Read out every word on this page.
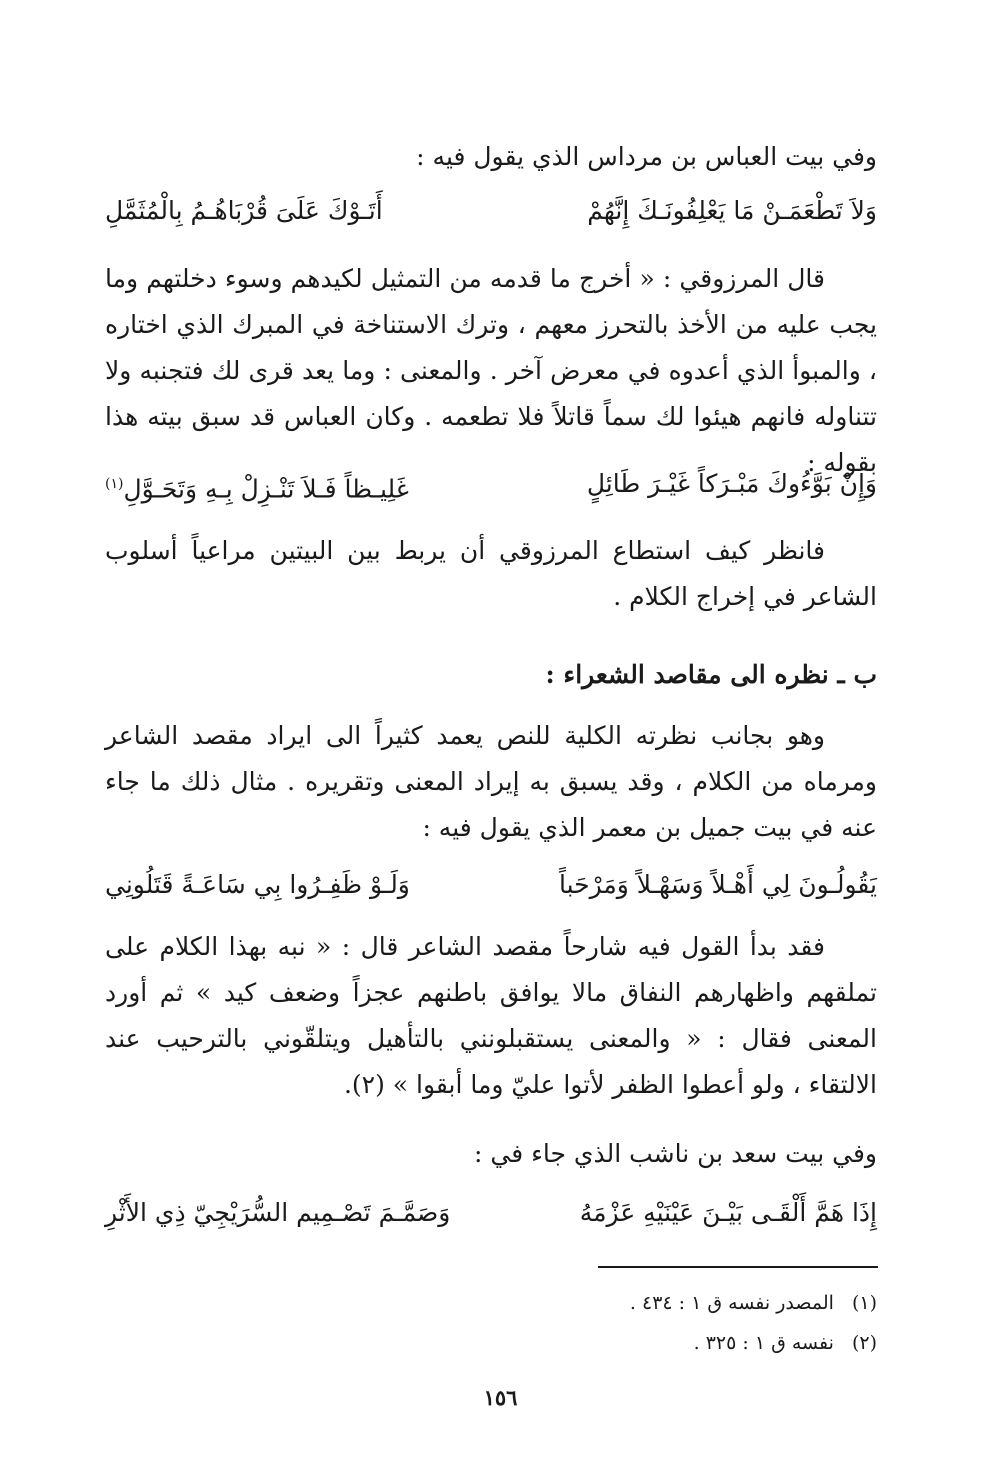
وفي بيت العباس بن مرداس الذي يقول فيه :
وَلاَ تَطْعَمَـنْ مَا يَعْلِفُونَـكَ إِنَّهُمْ
أَتَـوْكَ عَلَىَ قُرْبَاهُـمُ بِالْمُثَمَّلِ
قال المرزوقي : « أخرج ما قدمه من التمثيل لكيدهم وسوء دخلتهم وما يجب عليه من الأخذ بالتحرز معهم ، وترك الاستناخة في المبرك الذي اختاره ، والمبوأ الذي أعدوه في معرض آخر . والمعنى : وما يعد قرى لك فتجنبه ولا تتناوله فانهم هيئوا لك سماً قاتلاً فلا تطعمه . وكان العباس قد سبق بيته هذا بقوله :
وَإِنْ بَوَّءُوكَ مَبْـرَكاً غَيْـرَ طَائِلٍ
غَلِيـظاً فَـلاَ تَنْـزِلْ بِـهِ وَتَحَـوَّلِ$^{(١)}$
فانظر كيف استطاع المرزوقي أن يربط بين البيتين مراعياً أسلوب الشاعر في إخراج الكلام .
ب ـ نظره الى مقاصد الشعراء :
وهو بجانب نظرته الكلية للنص يعمد كثيراً الى ايراد مقصد الشاعر ومرماه من الكلام ، وقد يسبق به إيراد المعنى وتقريره . مثال ذلك ما جاء عنه في بيت جميل بن معمر الذي يقول فيه :
يَقُولُـونَ لِي أَهْـلاً وَسَهْـلاً وَمَرْحَباً
وَلَـوْ ظَفِـرُوا بِي سَاعَـةً قَتَلُونِي
فقد بدأ القول فيه شارحاً مقصد الشاعر قال : « نبه بهذا الكلام على تملقهم واظهارهم النفاق مالا يوافق باطنهم عجزاً وضعف كيد » ثم أورد المعنى فقال : « والمعنى يستقبلونني بالتأهيل ويتلقّوني بالترحيب عند الالتقاء ، ولو أعطوا الظفر لأتوا عليّ وما أبقوا » (٢).
وفي بيت سعد بن ناشب الذي جاء في :
إِذَا هَمَّ أَلْقَـى بَيْـنَ عَيْنَيْهِ عَزْمَهُ
وَصَمَّـمَ تَصْـمِيم السُّرَيْجِيّ ذِي الأَثْرِ
(١) المصدر نفسه ق ١ : ٤٣٤ .
(٢) نفسه ق ١ : ٣٢٥ .
١٥٦
